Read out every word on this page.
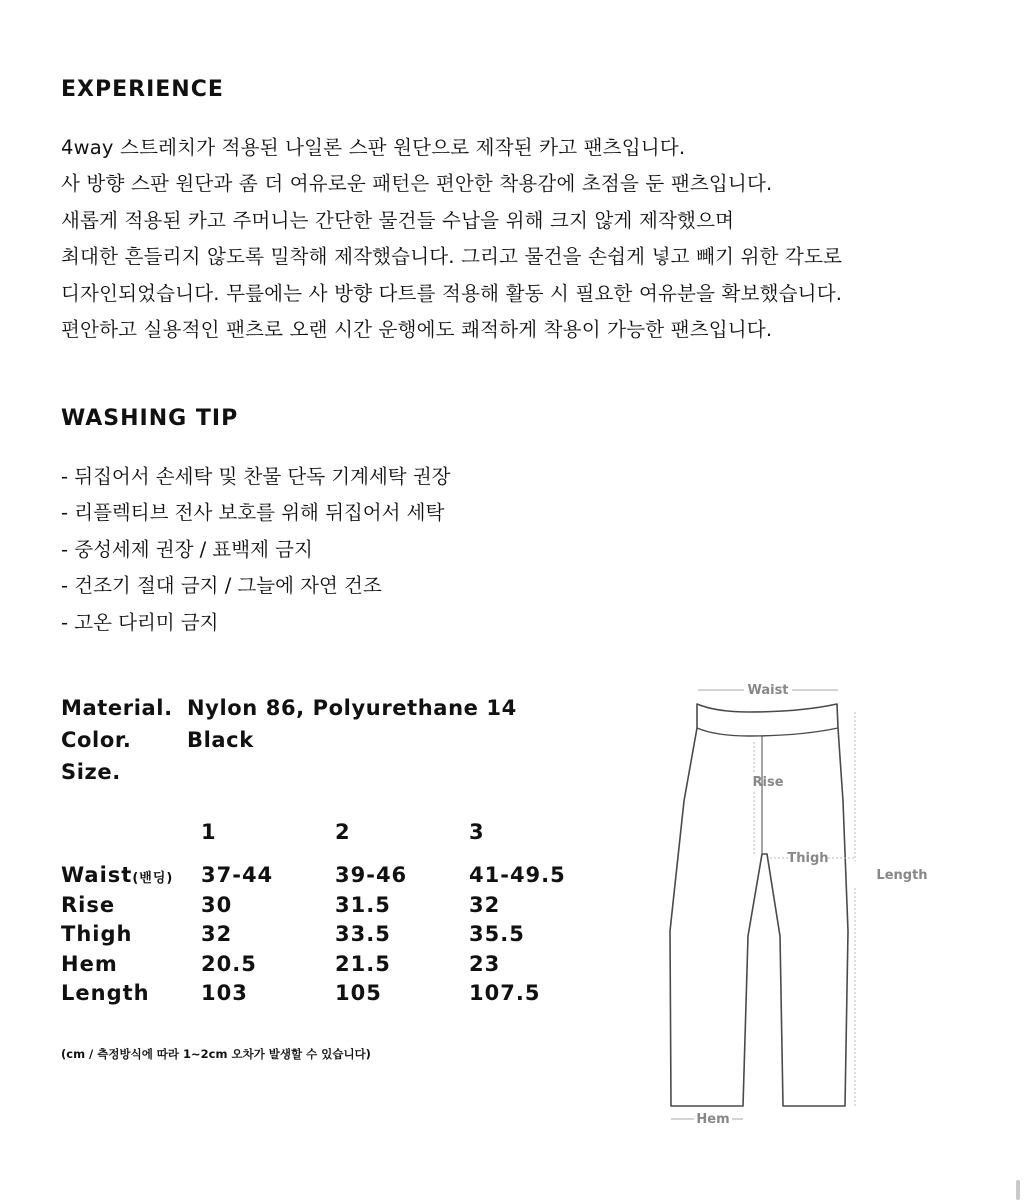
EXPERIENCE
4way 스트레치가 적용된 나일론 스판 원단으로 제작된 카고 팬츠입니다.
사 방향 스판 원단과 좀 더 여유로운 패턴은 편안한 착용감에 초점을 둔 팬츠입니다.
새롭게 적용된 카고 주머니는 간단한 물건들 수납을 위해 크지 않게 제작했으며
최대한 흔들리지 않도록 밀착해 제작했습니다. 그리고 물건을 손쉽게 넣고 빼기 위한 각도로
디자인되었습니다. 무릎에는 사 방향 다트를 적용해 활동 시 필요한 여유분을 확보했습니다.
편안하고 실용적인 팬츠로 오랜 시간 운행에도 쾌적하게 착용이 가능한 팬츠입니다.
WASHING TIP
- 뒤집어서 손세탁 및 찬물 단독 기계세탁 권장
- 리플렉티브 전사 보호를 위해 뒤집어서 세탁
- 중성세제 권장 / 표백제 금지
- 건조기 절대 금지 / 그늘에 자연 건조
- 고온 다리미 금지
Material. Nylon 86, Polyurethane 14
Color.	Black
Size.
1	2	3
Waist(밴딩) 37-44	39-46	41-49.5
Rise	30	31.5	32
Thigh	32	33.5	35.5
Hem	20.5	21.5	23
Length 103	105	107.5
(cm / 측정방식에 따라 1~2cm 오차가 발생할 수 있습니다)
Waist
Rise
Thigh
Length
Hem
